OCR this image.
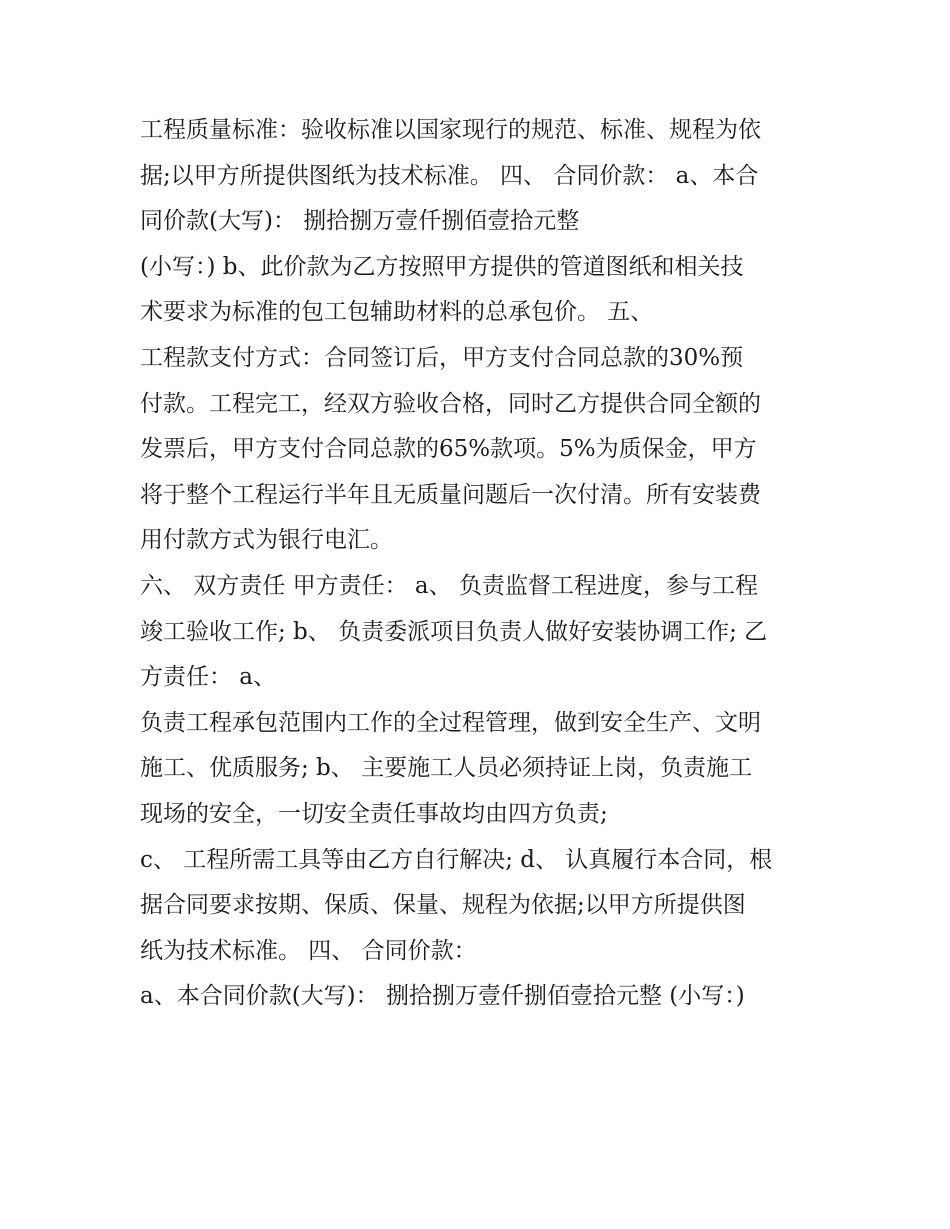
工程质量标准：验收标准以国家现行的规范、标准、规程为依
据;以甲方所提供图纸为技术标准。 四、 合同价款： a、本合
同价款(大写)： 捌拾捌万壹仟捌佰壹拾元整
(小写：) b、此价款为乙方按照甲方提供的管道图纸和相关技
术要求为标准的包工包辅助材料的总承包价。 五、
工程款支付方式：合同签订后，甲方支付合同总款的30%预
付款。工程完工，经双方验收合格，同时乙方提供合同全额的
发票后，甲方支付合同总款的65%款项。5%为质保金，甲方
将于整个工程运行半年且无质量问题后一次付清。所有安装费
用付款方式为银行电汇。
六、 双方责任 甲方责任： a、 负责监督工程进度，参与工程
竣工验收工作; b、 负责委派项目负责人做好安装协调工作; 乙
方责任： a、
负责工程承包范围内工作的全过程管理，做到安全生产、文明
施工、优质服务; b、 主要施工人员必须持证上岗，负责施工
现场的安全，一切安全责任事故均由四方负责;
c、 工程所需工具等由乙方自行解决; d、 认真履行本合同，根
据合同要求按期、保质、保量、规程为依据;以甲方所提供图
纸为技术标准。 四、 合同价款：
a、本合同价款(大写)： 捌拾捌万壹仟捌佰壹拾元整 (小写：)
